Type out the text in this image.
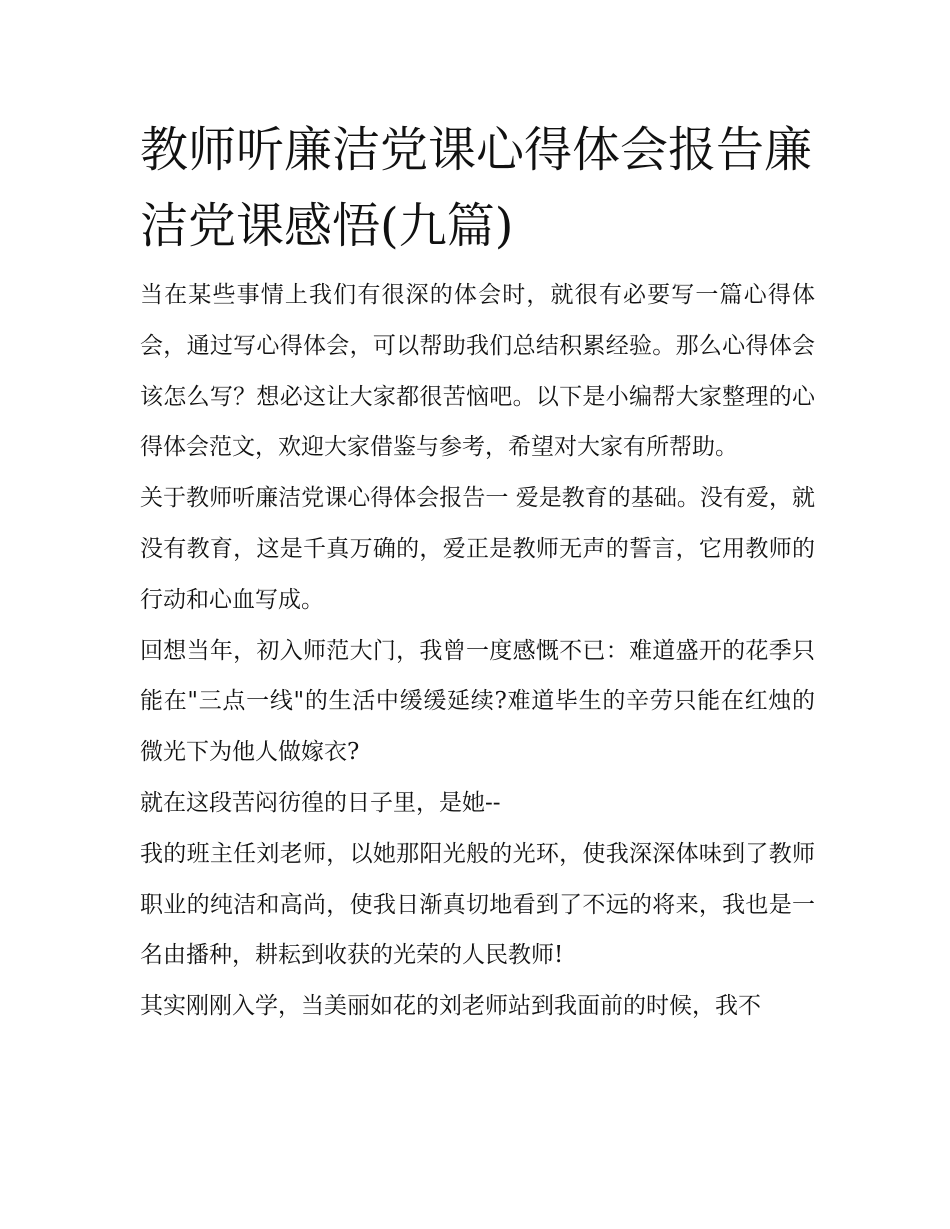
教师听廉洁党课心得体会报告廉洁党课感悟(九篇)

当在某些事情上我们有很深的体会时，就很有必要写一篇心得体会，通过写心得体会，可以帮助我们总结积累经验。那么心得体会该怎么写？想必这让大家都很苦恼吧。以下是小编帮大家整理的心得体会范文，欢迎大家借鉴与参考，希望对大家有所帮助。

关于教师听廉洁党课心得体会报告一 爱是教育的基础。没有爱，就没有教育，这是千真万确的，爱正是教师无声的誓言，它用教师的行动和心血写成。

回想当年，初入师范大门，我曾一度感慨不已：难道盛开的花季只能在"三点一线"的生活中缓缓延续?难道毕生的辛劳只能在红烛的微光下为他人做嫁衣?

就在这段苦闷彷徨的日子里，是她--

我的班主任刘老师，以她那阳光般的光环，使我深深体味到了教师职业的纯洁和高尚，使我日渐真切地看到了不远的将来，我也是一名由播种，耕耘到收获的光荣的人民教师!

其实刚刚入学，当美丽如花的刘老师站到我面前的时候，我不
